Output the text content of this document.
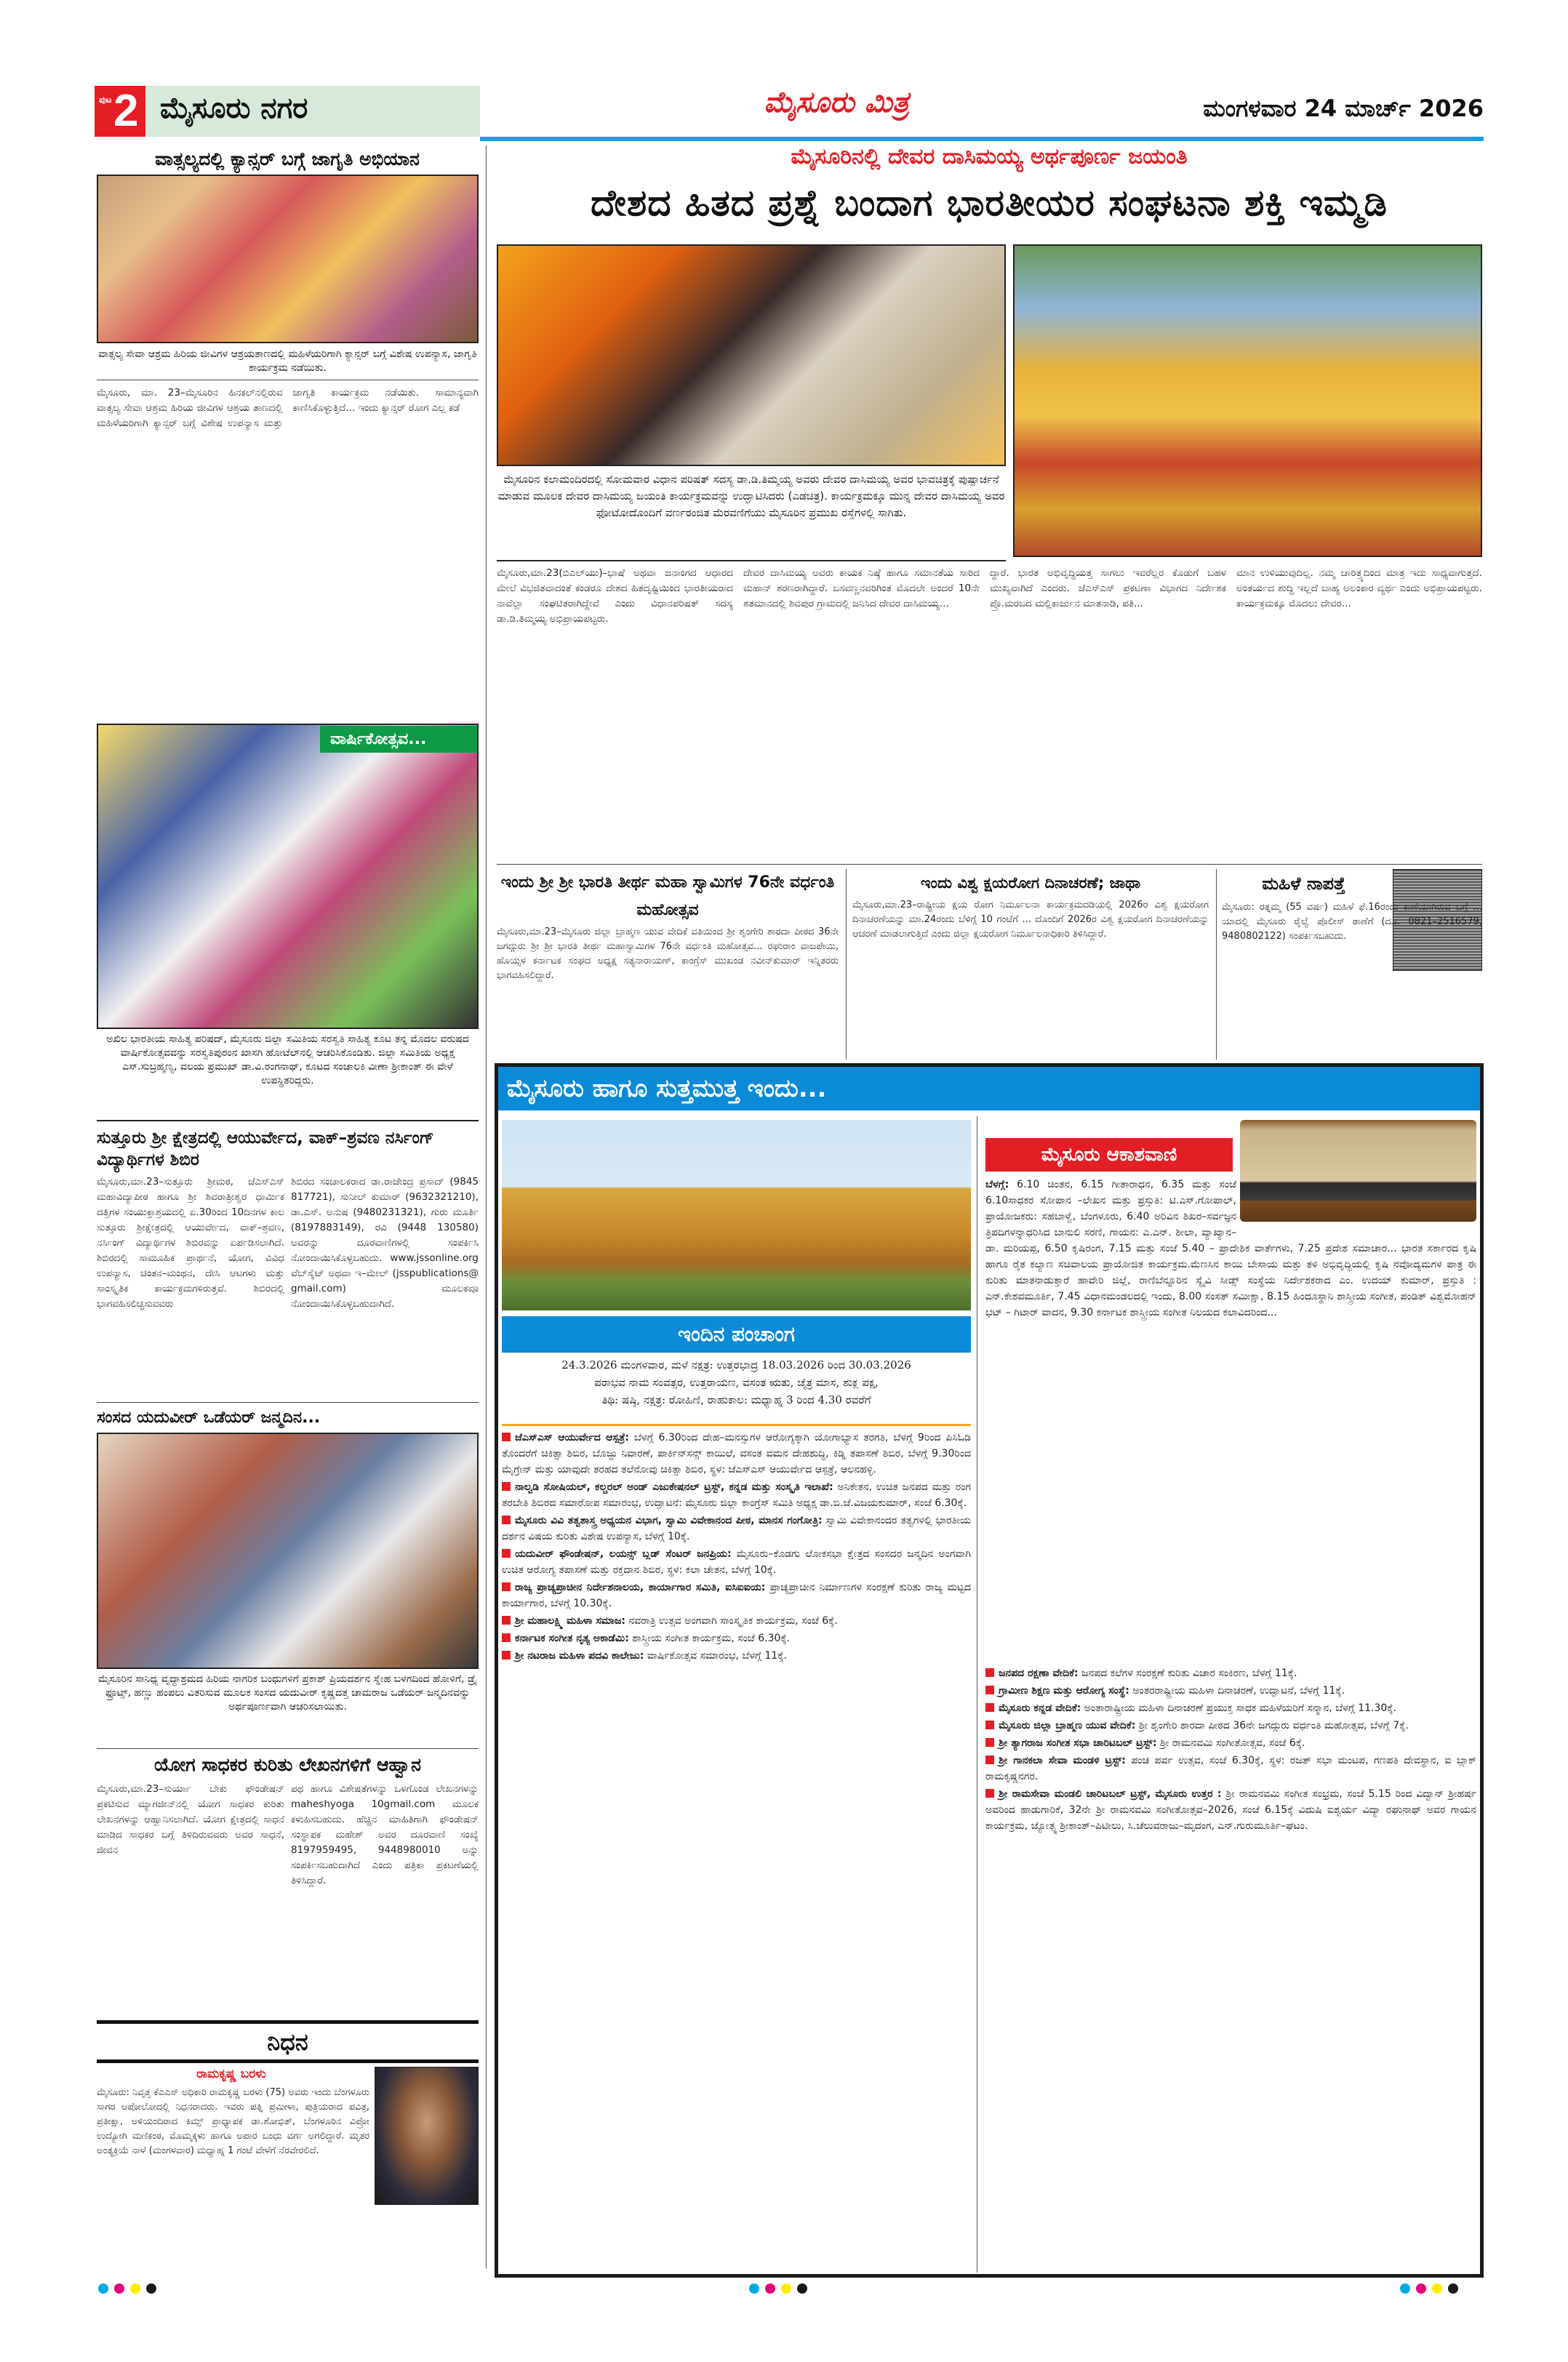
ಪುಟ 2 ಮೈಸೂರು ನಗರ	ಮೈಸೂರು ಮಿತ್ರ	ಮಂಗಳವಾರ 24 ಮಾರ್ಚ್ 2026
ವಾತ್ಸಲ್ಯದಲ್ಲಿ ಕ್ಯಾನ್ಸರ್ ಬಗ್ಗೆ ಜಾಗೃತಿ ಅಭಿಯಾನ
ವಾತ್ಸಲ್ಯ ಸೇವಾ ಆಶ್ರಮ ಹಿರಿಯ ಜೀವಿಗಳ ಆಶ್ರಯತಾಣದಲ್ಲಿ ಮಹಿಳೆಯರಿಗಾಗಿ ಕ್ಯಾನ್ಸರ್ ಬಗ್ಗೆ ವಿಶೇಷ ಉಪನ್ಯಾಸ, ಜಾಗೃತಿ ಕಾರ್ಯಕ್ರಮ ನಡೆಯಿತು.
ಮೈಸೂರು, ಮಾ. 23–ಮೈಸೂರಿನ ಹಿನಕಲ್‌ನಲ್ಲಿರುವ ವಾತ್ಸಲ್ಯ ಸೇವಾ ಆಶ್ರಮ ಹಿರಿಯ ಜೀವಿಗಳ ಆಶ್ರಯ ತಾಣದಲ್ಲಿ ಮಹಿಳೆಯರಿಗಾಗಿ ಕ್ಯಾನ್ಸರ್ ಬಗ್ಗೆ ವಿಶೇಷ ಉಪನ್ಯಾಸ ಮತ್ತು ಜಾಗೃತಿ ಕಾರ್ಯಕ್ರಮ ನಡೆಯಿತು. ಸಾಮಾನ್ಯವಾಗಿ ಕಾಣಿಸಿಕೊಳ್ಳುತ್ತಿದೆ... ಇಂದು ಕ್ಯಾನ್ಸರ್ ರೋಗ ಎಲ್ಲ ಕಡೆ
ವಾರ್ಷಿಕೋತ್ಸವ...
ಅಖಿಲ ಭಾರತೀಯ ಸಾಹಿತ್ಯ ಪರಿಷದ್, ಮೈಸೂರು ಜಿಲ್ಲಾ ಸಮಿತಿಯ ಸರಸ್ವತಿ ಸಾಹಿತ್ಯ ಕೂಟ ತನ್ನ ಮೊದಲ ವರುಷದ ವಾರ್ಷಿಕೋತ್ಸವವನ್ನು ಸರಸ್ವತಿಪುರಂನ ಖಾಸಗಿ ಹೋಟೆಲ್‌ನಲ್ಲಿ ಆಚರಿಸಿಕೊಂಡಿತು. ಜಿಲ್ಲಾ ಸಮಿತಿಯ ಅಧ್ಯಕ್ಷ ಎಸ್.ಸುಬ್ರಹ್ಮಣ್ಯ, ವಲಯ ಪ್ರಮುಖ್ ಡಾ.ವಿ.ರಂಗನಾಥ್, ಕೂಟದ ಸಂಚಾಲಕಿ ವೀಣಾ ಶ್ರೀಕಾಂತ್ ಈ ವೇಳೆ ಉಪಸ್ಥಿತರಿದ್ದರು.
ಸುತ್ತೂರು ಶ್ರೀ ಕ್ಷೇತ್ರದಲ್ಲಿ ಆಯುರ್ವೇದ, ವಾಕ್–ಶ್ರವಣ ನರ್ಸಿಂಗ್ ವಿದ್ಯಾರ್ಥಿಗಳ ಶಿಬಿರ
ಮೈಸೂರು,ಮಾ.23–ಸುತ್ತೂರು ಶ್ರೀಮಠ, ಜೆಎಸ್‌ಎಸ್ ಮಹಾವಿದ್ಯಾಪೀಠ ಹಾಗೂ ಶ್ರೀ ಶಿವರಾತ್ರೀಶ್ವರ ಧಾರ್ಮಿಕ ದತ್ತಿಗಳ ಸಂಯುಕ್ತಾಶ್ರಯದಲ್ಲಿ ಏ.30ರಿಂದ 10ದಿನಗಳ ಕಾಲ ಸುತ್ತೂರು ಶ್ರೀಕ್ಷೇತ್ರದಲ್ಲಿ ಆಯುರ್ವೇದ, ವಾಕ್–ಶ್ರವಣ, ನರ್ಸಿಂಗ್ ವಿದ್ಯಾರ್ಥಿಗಳ ಶಿಬಿರವನ್ನು ಏರ್ಪಡಿಸಲಾಗಿದೆ. ಶಿಬಿರದಲ್ಲಿ ಸಾಮೂಹಿಕ ಪ್ರಾರ್ಥನೆ, ಯೋಗ, ವಿವಿಧ ಉಪನ್ಯಾಸ, ಚಿಂತನ–ಮಂಥನ, ದೇಸಿ ಆಟಗಳು ಮತ್ತು ಸಾಂಸ್ಕೃತಿಕ ಕಾರ್ಯಕ್ರಮಗಳಿರುತ್ತವೆ. ಶಿಬಿರದಲ್ಲಿ ಭಾಗವಹಿಸಲಿಚ್ಛಿಸುವವರು
ಶಿಬಿರದ ಸಂಚಾಲಕರಾದ ಡಾ.ರಾಜೇಂದ್ರ ಪ್ರಸಾದ್ (9845 817721), ಸುನೀಲ್ ಕುಮಾರ್ (9632321210), ಡಾ.ಎಸ್. ಅನುಷ (9480231321), ಗುರು ಮೂರ್ತಿ (8197883149), ರವಿ (9448 130580) ಅವರನ್ನು ದೂರವಾಣಿಗಳಲ್ಲಿ ಸಂಪರ್ಕಿಸಿ ನೋಂದಾಯಿಸಿಕೊಳ್ಳಬಹುದು. www.jssonline.org ವೆಬ್‌ಸೈಟ್ ಅಥವಾ ಇ–ಮೇಲ್ (jsspublications@ gmail.com) ಮೂಲಕವೂ ನೋಂದಾಯಿಸಿಕೊಳ್ಳಬಹುದಾಗಿದೆ.
ಸಂಸದ ಯದುವೀರ್ ಒಡೆಯರ್ ಜನ್ಮದಿನ...
ಮೈಸೂರಿನ ಸಾನಿಧ್ಯ ವೃದ್ಧಾಶ್ರಮದ ಹಿರಿಯ ನಾಗರಿಕ ಬಂಧುಗಳಿಗೆ ಪ್ರಕಾಶ್ ಪ್ರಿಯದರ್ಶನ ಸ್ನೇಹ ಬಳಗದಿಂದ ಹೋಳಿಗೆ, ಡ್ರೈ ಫ್ರೂಟ್ಸ್, ಹಣ್ಣು ಹಂಪಲು ವಿತರಿಸುವ ಮೂಲಕ ಸಂಸದ ಯದುವೀರ್ ಕೃಷ್ಣದತ್ತ ಚಾಮರಾಜ ಒಡೆಯರ್ ಜನ್ಮದಿನವನ್ನು ಅರ್ಥಪೂರ್ಣವಾಗಿ ಆಚರಿಸಲಾಯಿತು.
ಯೋಗ ಸಾಧಕರ ಕುರಿತು ಲೇಖನಗಳಿಗೆ ಆಹ್ವಾನ
ಮೈಸೂರು,ಮಾ.23–ಸುರ್ಯಾ ಬೇಕು ಫೌಂಡೇಷನ್ ಪ್ರಕಟಿಸುವ ಮ್ಯಾಗಜೀನ್‌ನಲ್ಲಿ ಯೋಗ ಸಾಧಕರ ಕುರಿತು ಲೇಖನಗಳನ್ನು ಆಹ್ವಾನಿಸಲಾಗಿದೆ. ಯೋಗ ಕ್ಷೇತ್ರದಲ್ಲಿ ಸಾಧನೆ ಮಾಡಿದ ಸಾಧಕರ ಬಗ್ಗೆ ತಿಳಿದಿರುವವರು ಅವರ ಸಾಧನೆ, ಜೀವನ
ಪಥ ಹಾಗೂ ವಿಶೇಷತೆಗಳನ್ನು ಒಳಗೊಂಡ ಲೇಖನಗಳನ್ನು maheshyoga 10gmail.com ಮೂಲಕ ಕಳುಹಿಸಬಹುದು. ಹೆಚ್ಚಿನ ಮಾಹಿತಿಗಾಗಿ ಫೌಂಡೇಷನ್ ಸಂಸ್ಥಾಪಕ ಮಹೇಶ್ ಅವರ ದೂರವಾಣಿ ಸಂಖ್ಯೆ 8197959495, 9448980010 ಅನ್ನು ಸಂಪರ್ಕಿಸಬಹುದಾಗಿದೆ ಎಂದು ಪತ್ರಿಕಾ ಪ್ರಕಟಣೆಯಲ್ಲಿ ತಿಳಿಸಿದ್ದಾರೆ.
ನಿಧನ
ರಾಮಕೃಷ್ಣ ಬರಳು
ಮೈಸೂರು: ನಿವೃತ್ತ ಕೆಎಎಸ್ ಅಧಿಕಾರಿ ರಾಮಕೃಷ್ಣ ಬರಳು (75) ಅವರು ಇಂದು ಬೆಂಗಳೂರು ಸಾಗರ ಅಪೋಲೋದಲ್ಲಿ ನಿಧನರಾದರು. ಇವರು ಪತ್ನಿ ಪ್ರಮೀಳಾ, ಪುತ್ರಿಯರಾದ ಪವಿತ್ರ, ಪ್ರತೀಕ್ಷಾ, ಅಳಿಯಂದಿರಾದ ಕಿಮ್ಸ್ ಪ್ರಾಧ್ಯಾಪಕ ಡಾ.ಶೋಭಿತ್, ಬೆಂಗಳೂರಿನ ವಿಪ್ರೋ ಉದ್ಯೋಗಿ ಮಣಿಕಂಠ, ಮೊಮ್ಮಕ್ಕಳು ಹಾಗೂ ಅಪಾರ ಬಂಧು ವರ್ಗ ಅಗಲಿದ್ದಾರೆ. ಮೃತರ ಅಂತ್ಯಕ್ರಿಯೆ ನಾಳೆ (ಮಂಗಳವಾರ) ಮಧ್ಯಾಹ್ನ 1 ಗಂಟೆ ವೇಳೆಗೆ ನೆರವೇರಲಿದೆ.
ಮೈಸೂರಿನಲ್ಲಿ ದೇವರ ದಾಸಿಮಯ್ಯ ಅರ್ಥಪೂರ್ಣ ಜಯಂತಿ
ದೇಶದ ಹಿತದ ಪ್ರಶ್ನೆ ಬಂದಾಗ ಭಾರತೀಯರ ಸಂಘಟನಾ ಶಕ್ತಿ ಇಮ್ಮಡಿ
ಮೈಸೂರಿನ ಕಲಾಮಂದಿರದಲ್ಲಿ ಸೋಮವಾರ ವಿಧಾನ ಪರಿಷತ್ ಸದಸ್ಯ ಡಾ.ಡಿ.ತಿಮ್ಮಯ್ಯ ಅವರು ದೇವರ ದಾಸಿಮಯ್ಯ ಅವರ ಭಾವಚಿತ್ರಕ್ಕೆ ಪುಷ್ಪಾರ್ಚನೆ ಮಾಡುವ ಮೂಲಕ ದೇವರ ದಾಸಿಮಯ್ಯ ಜಯಂತಿ ಕಾರ್ಯಕ್ರಮವನ್ನು ಉದ್ಘಾಟಿಸಿದರು (ಎಡಚಿತ್ರ). ಕಾರ್ಯಕ್ರಮಕ್ಕೂ ಮುನ್ನ ದೇವರ ದಾಸಿಮಯ್ಯ ಅವರ ಫೋಟೋದೊಂದಿಗೆ ವರ್ಣರಂಜಿತ ಮೆರವಣಿಗೆಯು ಮೈಸೂರಿನ ಪ್ರಮುಖ ರಸ್ತೆಗಳಲ್ಲಿ ಸಾಗಿತು.
ಮೈಸೂರು,ಮಾ.23(ಬಿಎಲ್‌ಯು)–ಭಾಷೆ ಅಥವಾ ಜನಾಂಗದ ಆಧಾರದ ಮೇಲೆ ವಿಭಜಿತವಾದಂತೆ ಕಂಡರೂ ದೇಶದ ಹಿತದೃಷ್ಟಿಯಿಂದ ಭಾರತೀಯರಾದ ನಾವೆಲ್ಲಾ ಸಂಘಟಿತರಾಗಿದ್ದೇವೆ ಎಂದು ವಿಧಾನಪರಿಷತ್ ಸದಸ್ಯ ಡಾ.ಡಿ.ತಿಮ್ಮಯ್ಯ ಅಭಿಪ್ರಾಯಪಟ್ಟರು.
ದೇವರ ದಾಸಿಮಯ್ಯ ಅವರು ಕಾಯಕ ನಿಷ್ಠೆ ಹಾಗೂ ಸಮಾನತೆಯ ಸಾರಿದ ಮಹಾನ್ ಶರಣರಾಗಿದ್ದಾರೆ. ಬಸವಣ್ಣನವರಿಗಿಂತ ಮೊದಲೇ ಅಂದರೆ 10ನೇ ಶತಮಾನದಲ್ಲಿ ಶಿವಪುರ ಗ್ರಾಮದಲ್ಲಿ ಜನಿಸಿದ ದೇವರ ದಾಸಿಮಯ್ಯ...
ದ್ದಾರೆ. ಭಾರತ ಅಭಿವೃದ್ಧಿಯತ್ತ ಸಾಗಲು ಇವರೆಲ್ಲರ ಕೊಡುಗೆ ಬಹಳ ಮುಖ್ಯವಾಗಿದೆ ಎಂದರು. ಜೆಎಸ್‌ಎಸ್ ಪ್ರಕಟಣಾ ವಿಭಾಗದ ನಿರ್ದೇಶಕ ಪ್ರೊ.ಮರಬದ ಮಲ್ಲಿಕಾರ್ಜುನ ಮಾತನಾಡಿ, ಪತಿ...
ಮಾನ ಉಳಿಯುವುದಿಲ್ಲ. ನಮ್ಮ ಚಾರಿತ್ರ್ಯದಿಂದ ಮಾತ್ರ ಇದು ಸಾಧ್ಯವಾಗುತ್ತದೆ. ಅಂತರ್ಯದ ಶುದ್ಧಿ ಇಲ್ಲದೆ ಬಾಹ್ಯ ಅಲಂಕಾರ ವ್ಯರ್ಥ ಎಂದು ಅಭಿಪ್ರಾಯಪಟ್ಟರು. ಕಾರ್ಯಕ್ರಮಕ್ಕೂ ಮೊದಲು ದೇವರ...
ಇಂದು ಶ್ರೀ ಶ್ರೀ ಭಾರತಿ ತೀರ್ಥ ಮಹಾ ಸ್ವಾಮಿಗಳ 76ನೇ ವರ್ಧಂತಿ ಮಹೋತ್ಸವ
ಮೈಸೂರು,ಮಾ.23–ಮೈಸೂರು ಜಿಲ್ಲಾ ಬ್ರಾಹ್ಮಣ ಯುವ ವೇದಿಕೆ ವತಿಯಿಂದ ಶ್ರೀ ಶೃಂಗೇರಿ ಶಾರದಾ ಪೀಠದ 36ನೇ ಜಗದ್ಗುರು ಶ್ರೀ ಶ್ರೀ ಭಾರತಿ ತೀರ್ಥ ಮಹಾಸ್ವಾಮಿಗಳ 76ನೇ ವರ್ಧಂತಿ ಮಹೋತ್ಸವ... ರಘುರಾಂ ವಾಜಪೇಯಿ, ಹೊಯ್ಸಳ ಕರ್ನಾಟಕ ಸಂಘದ ಅಧ್ಯಕ್ಷ ಸತ್ಯನಾರಾಯಣ್, ಕಾಂಗ್ರೆಸ್ ಮುಖಂಡ ನವೀನ್‌ಕುಮಾರ್ ಇನ್ನಿತರರು ಭಾಗವಹಿಸಲಿದ್ದಾರೆ.
ಇಂದು ವಿಶ್ವ ಕ್ಷಯರೋಗ ದಿನಾಚರಣೆ; ಜಾಥಾ
ಮೈಸೂರು,ಮಾ.23–ರಾಷ್ಟ್ರೀಯ ಕ್ಷಯ ರೋಗ ನಿರ್ಮೂಲನಾ ಕಾರ್ಯಕ್ರಮದಡಿಯಲ್ಲಿ 2026ರ ವಿಶ್ವ ಕ್ಷಯರೋಗ ದಿನಾಚರಣೆಯನ್ನು ಮಾ.24ರಂದು ಬೆಳಿಗ್ಗೆ 10 ಗಂಟೆಗೆ ... ದೊಂದಿಗೆ 2026ರ ವಿಶ್ವ ಕ್ಷಯರೋಗ ದಿನಾಚರಣೆಯನ್ನು ಆಚರಣೆ ಮಾಡಲಾಗುತ್ತಿದೆ ಎಂದು ಜಿಲ್ಲಾ ಕ್ಷಯರೋಗ ನಿರ್ಮೂಲನಾಧಿಕಾರಿ ತಿಳಿಸಿದ್ದಾರೆ.
ಮಹಿಳೆ ನಾಪತ್ತೆ
ಮೈಸೂರು: ರತ್ನಮ್ಮ (55 ವರ್ಷ) ಮಹಿಳೆ ಫೆ.16ರಂದು ಕಾಣೆಯಾಗಿರುವ ಬಗ್ಗೆ ... ಯಾದಲ್ಲಿ ಮೈಸೂರು ರೈಲ್ವೆ ಪೊಲೀಸ್ ಠಾಣೆಗೆ (ದೂ. 0821–2516579, 9480802122) ಸಂಪರ್ಕಿಸಬಹುದು.
ಮೈಸೂರು ಹಾಗೂ ಸುತ್ತಮುತ್ತ ಇಂದು...
ಇಂದಿನ ಪಂಚಾಂಗ
24.3.2026 ಮಂಗಳವಾರ, ಮಳೆ ನಕ್ಷತ್ರ: ಉತ್ತರಭಾದ್ರ 18.03.2026 ರಿಂದ 30.03.2026
ಪರಾಭವ ನಾಮ ಸಂವತ್ಸರ, ಉತ್ತರಾಯಣ, ವಸಂತ ಋತು, ಚೈತ್ರ ಮಾಸ, ಶುಕ್ಲ ಪಕ್ಷ,
ತಿಥಿ: ಷಷ್ಠಿ, ನಕ್ಷತ್ರ: ರೋಹಿಣಿ, ರಾಹುಕಾಲ: ಮಧ್ಯಾಹ್ನ 3 ರಿಂದ 4.30 ರವರೆಗೆ

ಜೆಎಸ್‌ಎಸ್ ಆಯುರ್ವೇದ ಆಸ್ಪತ್ರೆ: ಬೆಳಗ್ಗೆ 6.30ರಿಂದ ದೇಹ–ಮನಸ್ಸುಗಳ ಆರೋಗ್ಯಕ್ಕಾಗಿ ಯೋಗಾಭ್ಯಾಸ ತರಗತಿ, ಬೆಳಗ್ಗೆ 9ರಿಂದ ಪಿಸಿಓಡಿ ತೊಂದರೆಗೆ ಚಿಕಿತ್ಸಾ ಶಿಬಿರ, ಬೊಜ್ಜು ನಿವಾರಣೆ, ಪಾರ್ಕಿನ್‌ಸನ್ಸ್ ಕಾಯಿಲೆ, ವಸಂತ ವಮನ ದೇಹಶುದ್ಧಿ, ಕಿಡ್ನಿ ತಪಾಸಣೆ ಶಿಬಿರ, ಬೆಳಗ್ಗೆ 9.30ರಿಂದ ಮೈಗ್ರೇನ್ ಮತ್ತು ಯಾವುದೇ ತರಹದ ತಲೆನೋವು ಚಿಕಿತ್ಸಾ ಶಿಬಿರ, ಸ್ಥಳ: ಜೆಎಸ್‌ಎಸ್ ಆಯುರ್ವೇದ ಆಸ್ಪತ್ರೆ, ಆಲನಹಳ್ಳಿ.

ನಾಲ್ವಡಿ ಸೋಷಿಯಲ್, ಕಲ್ಚರಲ್ ಅಂಡ್ ಎಜುಕೇಷನಲ್ ಟ್ರಸ್ಟ್, ಕನ್ನಡ ಮತ್ತು ಸಂಸ್ಕೃತಿ ಇಲಾಖೆ: ಅನಿಕೇತನ, ಉಚಿತ ಜನಪದ ಮತ್ತು ರಂಗ ತರಬೇತಿ ಶಿಬಿರದ ಸಮಾರೋಪ ಸಮಾರಂಭ, ಉದ್ಘಾಟನೆ: ಮೈಸೂರು ಜಿಲ್ಲಾ ಕಾಂಗ್ರೆಸ್ ಸಮಿತಿ ಅಧ್ಯಕ್ಷ ಡಾ.ಬಿ.ಜೆ.ವಿಜಯಕುಮಾರ್, ಸಂಜೆ 6.30ಕ್ಕೆ.

ಮೈಸೂರು ವಿವಿ ತತ್ವಶಾಸ್ತ್ರ ಅಧ್ಯಯನ ವಿಭಾಗ, ಸ್ವಾಮಿ ವಿವೇಕಾನಂದ ಪೀಠ, ಮಾನಸ ಗಂಗೋತ್ರಿ: ಸ್ವಾಮಿ ವಿವೇಕಾನಂದರ ತತ್ವಗಳಲ್ಲಿ ಭಾರತೀಯ ದರ್ಶನ ವಿಷಯ ಕುರಿತು ವಿಶೇಷ ಉಪನ್ಯಾಸ, ಬೆಳಗ್ಗೆ 10ಕ್ಕೆ.

ಯದುವೀರ್ ಫೌಂಡೇಷನ್, ಲಯನ್ಸ್ ಬ್ಲಡ್ ಸೆಂಟರ್ ಜನಪ್ರಿಯ: ಮೈಸೂರು–ಕೊಡಗು ಲೋಕಸಭಾ ಕ್ಷೇತ್ರದ ಸಂಸದರ ಜನ್ಮದಿನ ಅಂಗವಾಗಿ ಉಚಿತ ಆರೋಗ್ಯ ತಪಾಸಣೆ ಮತ್ತು ರಕ್ತದಾನ ಶಿಬಿರ, ಸ್ಥಳ: ಕಲಾ ಚೇತನ, ಬೆಳಗ್ಗೆ 10ಕ್ಕೆ.

ರಾಜ್ಯ ಪ್ರಾಚ್ಯಪ್ರಾಚೀನ ನಿರ್ದೇಶನಾಲಯ, ಕಾರ್ಯಾಗಾರ ಸಮಿತಿ, ಐಸಿಐಐಯ: ಪ್ರಾಚ್ಯಪ್ರಾಚೀನ ನಿರ್ಮಾಣಗಳ ಸಂರಕ್ಷಣೆ ಕುರಿತು ರಾಜ್ಯ ಮಟ್ಟದ ಕಾರ್ಯಾಗಾರ, ಬೆಳಗ್ಗೆ 10.30ಕ್ಕೆ.

ಶ್ರೀ ಮಹಾಲಕ್ಷ್ಮಿ ಮಹಿಳಾ ಸಮಾಜ: ನವರಾತ್ರಿ ಉತ್ಸವ ಅಂಗವಾಗಿ ಸಾಂಸ್ಕೃತಿಕ ಕಾರ್ಯಕ್ರಮ, ಸಂಜೆ 6ಕ್ಕೆ.

ಕರ್ನಾಟಕ ಸಂಗೀತ ನೃತ್ಯ ಅಕಾಡೆಮಿ: ಶಾಸ್ತ್ರೀಯ ಸಂಗೀತ ಕಾರ್ಯಕ್ರಮ, ಸಂಜೆ 6.30ಕ್ಕೆ.

ಶ್ರೀ ನಟರಾಜ ಮಹಿಳಾ ಪದವಿ ಕಾಲೇಜು: ವಾರ್ಷಿಕೋತ್ಸವ ಸಮಾರಂಭ, ಬೆಳಗ್ಗೆ 11ಕ್ಕೆ.

ಮೈಸೂರು ಆಕಾಶವಾಣಿ
ಬೆಳಗ್ಗೆ: 6.10 ಚಿಂತನ, 6.15 ಗೀತಾರಾಧನ, 6.35 ಮತ್ತು ಸಂಜೆ 6.10ಸಾಧಕರ ಸೋಪಾನ –ಲೇಖನ ಮತ್ತು ಪ್ರಸ್ತುತಿ: ಟಿ.ಎಸ್.ಗೋಪಾಲ್, ಪ್ರಾಯೋಜಕರು: ಸಹಬಾಳ್ವೆ, ಬೆಂಗಳೂರು, 6.40 ಅರಿವಿನ ಶಿಖರ–ಸರ್ವಜ್ಞನ ತ್ರಿಪದಿಗಳನ್ನಾಧರಿಸಿದ ಬಾನುಲಿ ಸರಣಿ, ಗಾಯನ: ಎ.ಎನ್. ಶೀಲಾ, ವ್ಯಾಖ್ಯಾನ–ಡಾ. ಮರಿಯಪ್ಪ, 6.50 ಕೃಷಿರಂಗ, 7.15 ಮತ್ತು ಸಂಜೆ 5.40 – ಪ್ರಾದೇಶಿಕ ವಾರ್ತೆಗಳು, 7.25 ಪ್ರದೇಶ ಸಮಾಚಾರ... ಭಾರತ ಸರ್ಕಾರದ ಕೃಷಿ ಹಾಗೂ ರೈತ ಕಲ್ಯಾಣ ಸಚಿವಾಲಯ ಪ್ರಾಯೋಜಿತ ಕಾರ್ಯಕ್ರಮ.ಮೆಣಸಿನ ಕಾಯಿ ಬೇಸಾಯ ಮತ್ತು ತಳಿ ಅಭಿವೃದ್ಧಿಯಲ್ಲಿ ಕೃಷಿ ನವೋದ್ಯಮಗಳ ಪಾತ್ರ ಈ ಕುರಿತು ಮಾತನಾಡುತ್ತಾರೆ ಹಾವೇರಿ ಜಿಲ್ಲೆ, ರಾಣಿಬೆನ್ನೂರಿನ ಸ್ಯೈವಿ ಸೀಡ್ಸ್ ಸಂಸ್ಥೆಯ ನಿರ್ದೇಶಕರಾದ ಎಂ. ಉದಯ್ ಕುಮಾರ್, ಪ್ರಸ್ತುತಿ : ಎನ್.ಕೇಶವಮೂರ್ತಿ, 7.45 ವಿಧಾನಮಂಡಲದಲ್ಲಿ ಇಂದು, 8.00 ಸಂಸತ್ ಸಮೀಕ್ಷಾ, 8.15 ಹಿಂದೂಸ್ಥಾನಿ ಶಾಸ್ತ್ರೀಯ ಸಂಗೀತ, ಪಂಡಿತ್ ವಿಶ್ವಮೋಹನ್ ಭಟ್ – ಗಿಟಾರ್ ವಾದನ, 9.30 ಕರ್ನಾಟಕ ಶಾಸ್ತ್ರೀಯ ಸಂಗೀತ ನಿಲಯದ ಕಲಾವಿದರಿಂದ...

ಜನಪದ ರಕ್ಷಣಾ ವೇದಿಕೆ: ಜನಪದ ಕಲೆಗಳ ಸಂರಕ್ಷಣೆ ಕುರಿತು ವಿಚಾರ ಸಂಕಿರಣ, ಬೆಳಗ್ಗೆ 11ಕ್ಕೆ.

ಗ್ರಾಮೀಣ ಶಿಕ್ಷಣ ಮತ್ತು ಆರೋಗ್ಯ ಸಂಸ್ಥೆ: ಅಂತರರಾಷ್ಟ್ರೀಯ ಮಹಿಳಾ ದಿನಾಚರಣೆ, ಉದ್ಘಾಟನೆ, ಬೆಳಗ್ಗೆ 11ಕ್ಕೆ.

ಮೈಸೂರು ಕನ್ನಡ ವೇದಿಕೆ: ಅಂತಾರಾಷ್ಟ್ರೀಯ ಮಹಿಳಾ ದಿನಾಚರಣೆ ಪ್ರಯುಕ್ತ ಸಾಧಕ ಮಹಿಳೆಯರಿಗೆ ಸನ್ಮಾನ, ಬೆಳಗ್ಗೆ 11.30ಕ್ಕೆ.

ಮೈಸೂರು ಜಿಲ್ಲಾ ಬ್ರಾಹ್ಮಣ ಯುವ ವೇದಿಕೆ: ಶ್ರೀ ಶೃಂಗೇರಿ ಶಾರದಾ ಪೀಠದ 36ನೇ ಜಗದ್ಗುರು ವರ್ಧಂತಿ ಮಹೋತ್ಸವ, ಬೆಳಗ್ಗೆ 7ಕ್ಕೆ.

ಶ್ರೀ ತ್ಯಾಗರಾಜ ಸಂಗೀತ ಸಭಾ ಚಾರಿಟಬಲ್ ಟ್ರಸ್ಟ್: ಶ್ರೀ ರಾಮನವಮಿ ಸಂಗೀತೋತ್ಸವ, ಸಂಜೆ 6ಕ್ಕೆ.

ಶ್ರೀ ಗಾನಕಲಾ ಸೇವಾ ಮಂಡಳಿ ಟ್ರಸ್ಟ್: ಪಂಚ ಪರ್ವ ಉತ್ಸವ, ಸಂಜೆ 6.30ಕ್ಕೆ, ಸ್ಥಳ: ರಜತ್ ಸಭಾ ಮಂಟಪ, ಗಣಪತಿ ದೇವಸ್ಥಾನ, ಐ ಬ್ಲಾಕ್ ರಾಮಕೃಷ್ಣನಗರ.

ಶ್ರೀ ರಾಮಸೇವಾ ಮಂಡಲಿ ಚಾರಿಟಬಲ್ ಟ್ರಸ್ಟ್, ಮೈಸೂರು ಉತ್ತರ : ಶ್ರೀ ರಾಮನವಮಿ ಸಂಗೀತ ಸಂಭ್ರಮ, ಸಂಜೆ 5.15 ರಿಂದ ವಿದ್ವಾನ್ ಶ್ರೀಹರ್ಷ ಅವರಿಂದ ಹಾಡುಗಾರಿಕೆ, 32ನೇ ಶ್ರೀ ರಾಮನವಮಿ ಸಂಗೀತೋತ್ಸವ–2026, ಸಂಜೆ 6.15ಕ್ಕೆ ವಿದುಷಿ ಐಶ್ವರ್ಯ ವಿದ್ಯಾ ರಘುನಾಥ್ ಅವರ ಗಾಯನ ಕಾರ್ಯಕ್ರಮ, ಜ್ಯೋತ್ಸ್ನ ಶ್ರೀಕಾಂತ್–ಪಿಟೀಲು, ಸಿ.ಚೆಲುವರಾಜು–ಮೃದಂಗ, ಎನ್.ಗುರುಮೂರ್ತಿ–ಘಟಂ.
